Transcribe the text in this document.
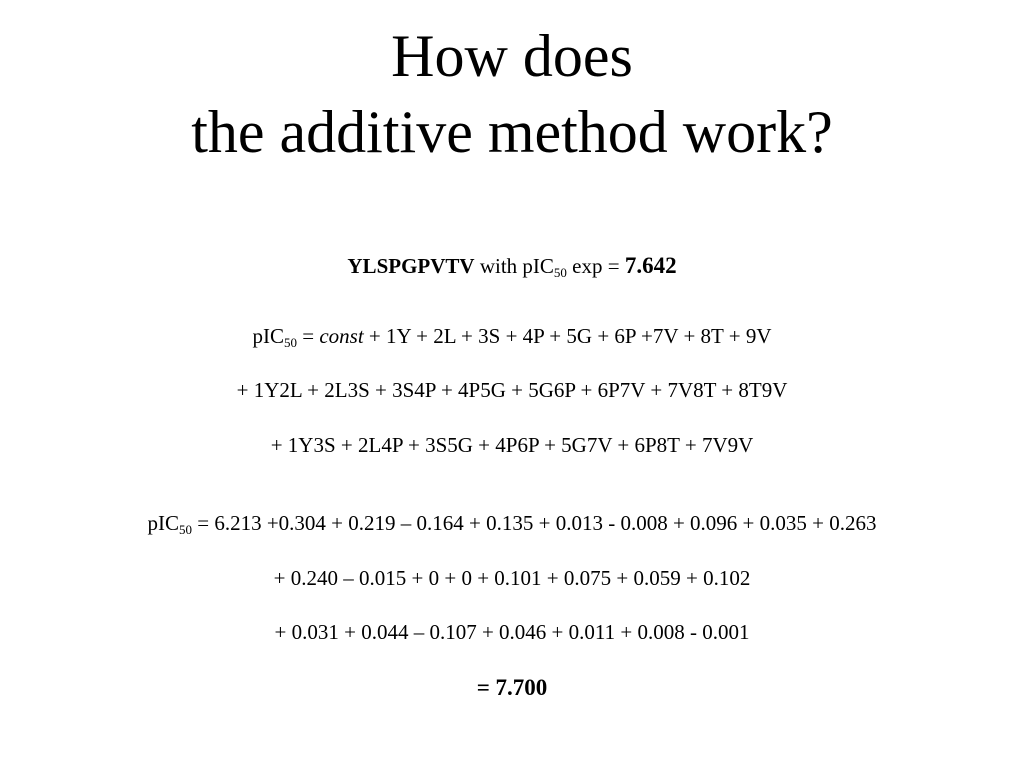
How does
the additive method work?
YLSPGPVTV with pIC$_{50}$ exp = 7.642
pIC$_{50}$ = const + 1Y + 2L + 3S + 4P + 5G + 6P +7V + 8T + 9V
+ 1Y2L + 2L3S + 3S4P + 4P5G + 5G6P + 6P7V + 7V8T + 8T9V
+ 1Y3S + 2L4P + 3S5G + 4P6P + 5G7V + 6P8T + 7V9V
pIC$_{50}$ = 6.213 +0.304 + 0.219 – 0.164 + 0.135 + 0.013 - 0.008 + 0.096 + 0.035 + 0.263
+ 0.240 – 0.015 + 0 + 0 + 0.101 + 0.075 + 0.059 + 0.102
+ 0.031 + 0.044 – 0.107 + 0.046 + 0.011 + 0.008 - 0.001
= 7.700
